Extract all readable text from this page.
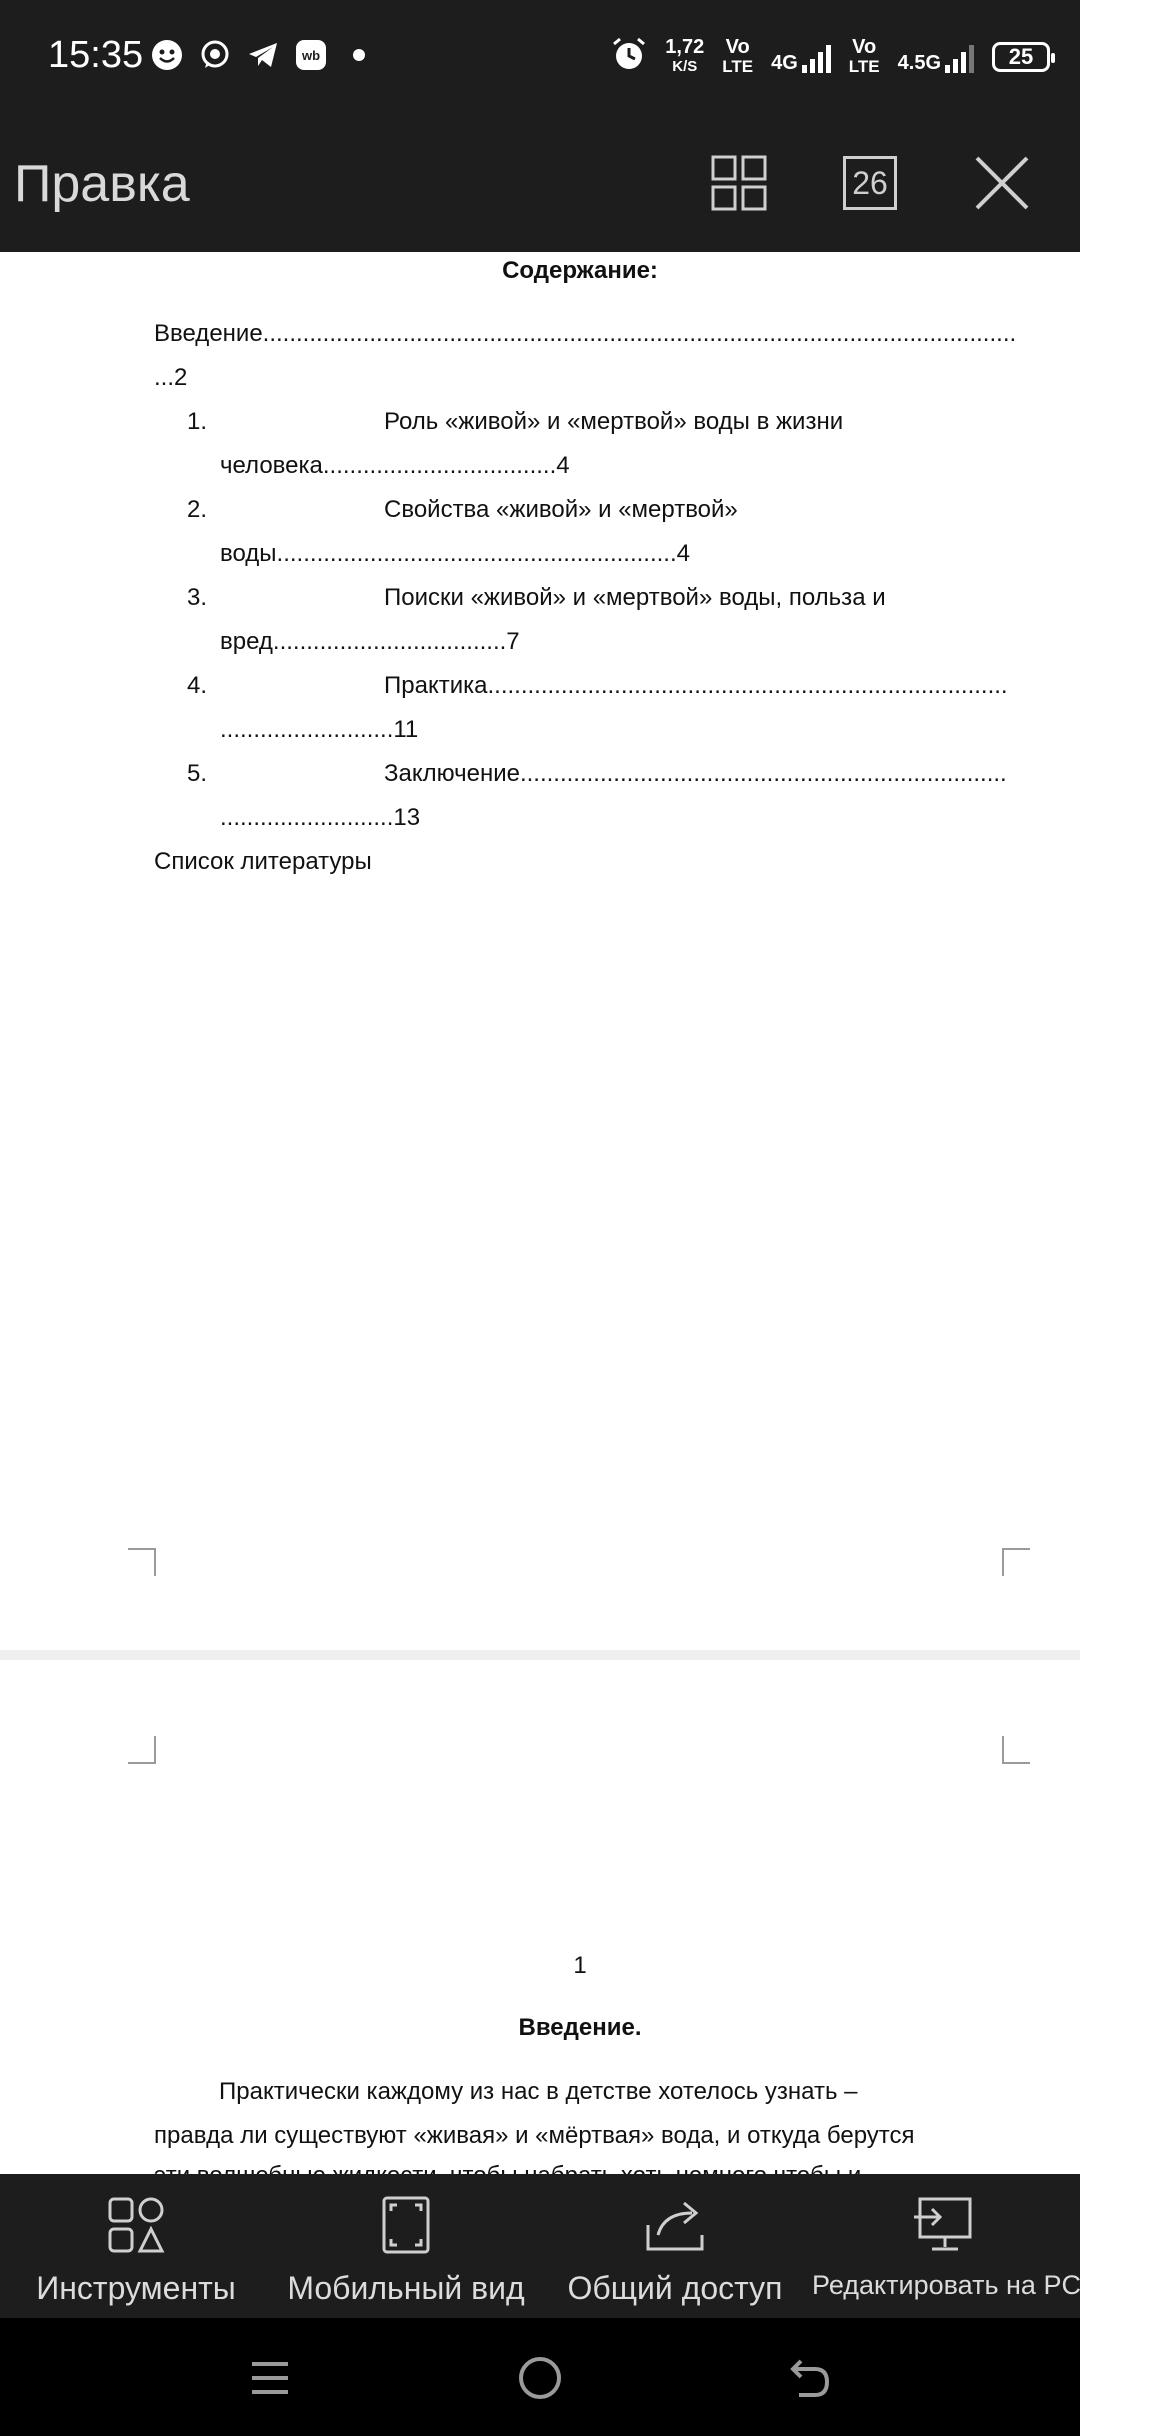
15:35	wb	1,72
K/S
Vo
LTE 4G
Vo
LTE 4.5G	25
Правка	26
Содержание:
Введение.................................................................................................................
...2
1.	Роль «живой» и «мертвой» воды в жизни
человека...................................4
2.	Свойства «живой» и «мертвой»
воды............................................................4
3.	Поиски «живой» и «мертвой» воды, польза и
вред...................................7
4.	Практика..............................................................................
..........................11
5.	Заключение.........................................................................
..........................13
Список литературы
1
Введение.
Практически каждому из нас в детстве хотелось узнать –
правда ли существуют «живая» и «мёртвая» вода, и откуда берутся
Инструменты	Мобильный вид	Общий доступ Редактировать на PC
